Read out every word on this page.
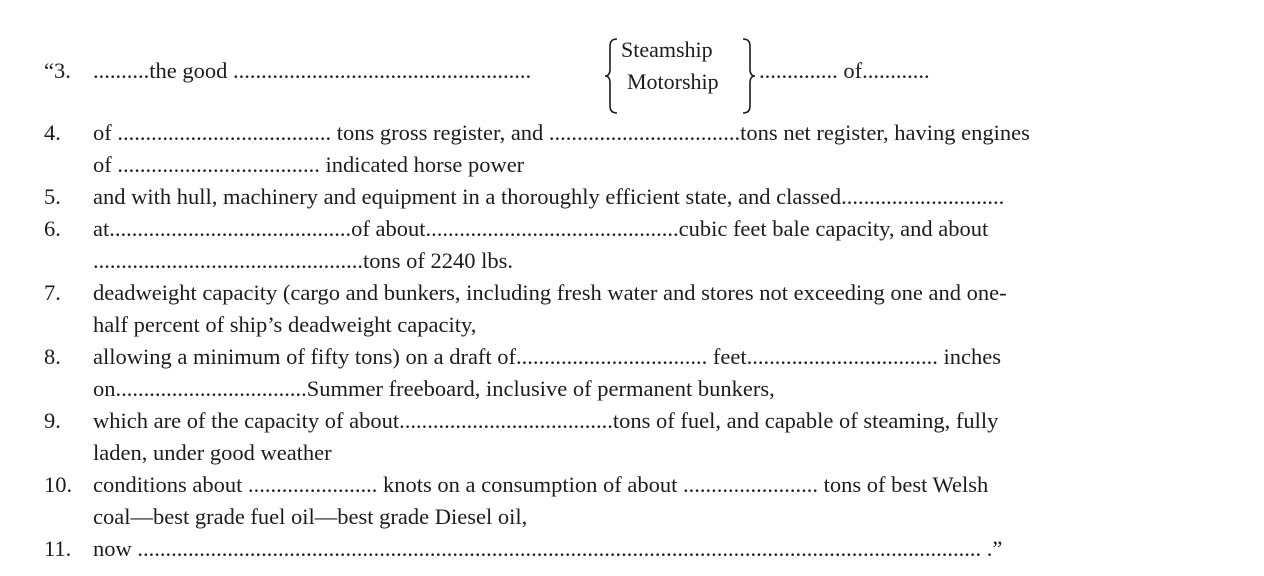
“3. ..........the good .....................................................
Steamship
Motorship .............. of............
4. of ...................................... tons gross register, and ..................................tons net register, having engines
of .................................... indicated horse power
5. and with hull, machinery and equipment in a thoroughly efficient state, and classed.............................
6. at...........................................of about.............................................cubic feet bale capacity, and about
................................................tons of 2240 lbs.
7. deadweight capacity (cargo and bunkers, including fresh water and stores not exceeding one and one-
half percent of ship’s deadweight capacity,
8. allowing a minimum of fifty tons) on a draft of.................................. feet.................................. inches
on..................................Summer freeboard, inclusive of permanent bunkers,
9. which are of the capacity of about......................................tons of fuel, and capable of steaming, fully
laden, under good weather
10. conditions about ....................... knots on a consumption of about ........................ tons of best Welsh
coal—best grade fuel oil—best grade Diesel oil,
11. now ...................................................................................................................................................... .”
